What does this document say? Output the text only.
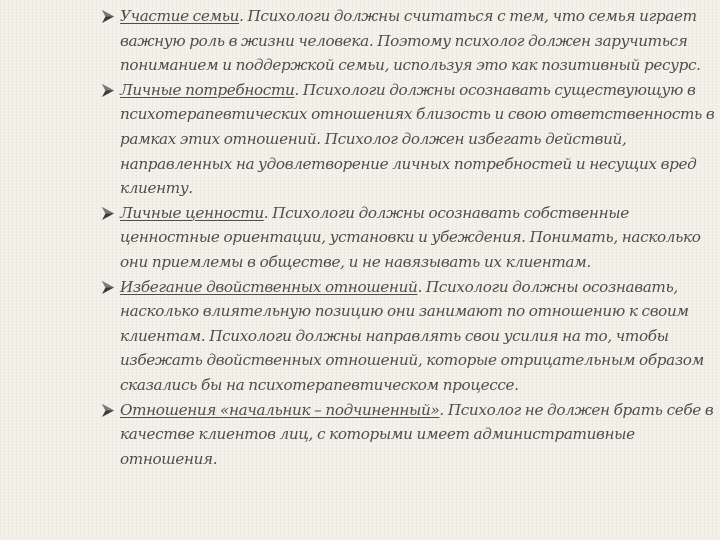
Участие семьи. Психологи должны считаться с тем, что семья играет важную роль в жизни человека. Поэтому психолог должен заручиться пониманием и поддержкой семьи, используя это как позитивный ресурс.
Личные потребности. Психологи должны осознавать существующую в психотерапевтических отношениях близость и свою ответственность в рамках этих отношений. Психолог должен избегать действий, направленных на удовлетворение личных потребностей и несущих вред клиенту.
Личные ценности. Психологи должны осознавать собственные ценностные ориентации, установки и убеждения. Понимать, насколько они приемлемы в обществе, и не навязывать их клиентам.
Избегание двойственных отношений. Психологи должны осознавать, насколько влиятельную позицию они занимают по отношению к своим клиентам. Психологи должны направлять свои усилия на то, чтобы избежать двойственных отношений, которые отрицательным образом сказались бы на психотерапевтическом процессе.
Отношения «начальник – подчиненный». Психолог не должен брать себе в качестве клиентов лиц, с которыми имеет административные отношения.
